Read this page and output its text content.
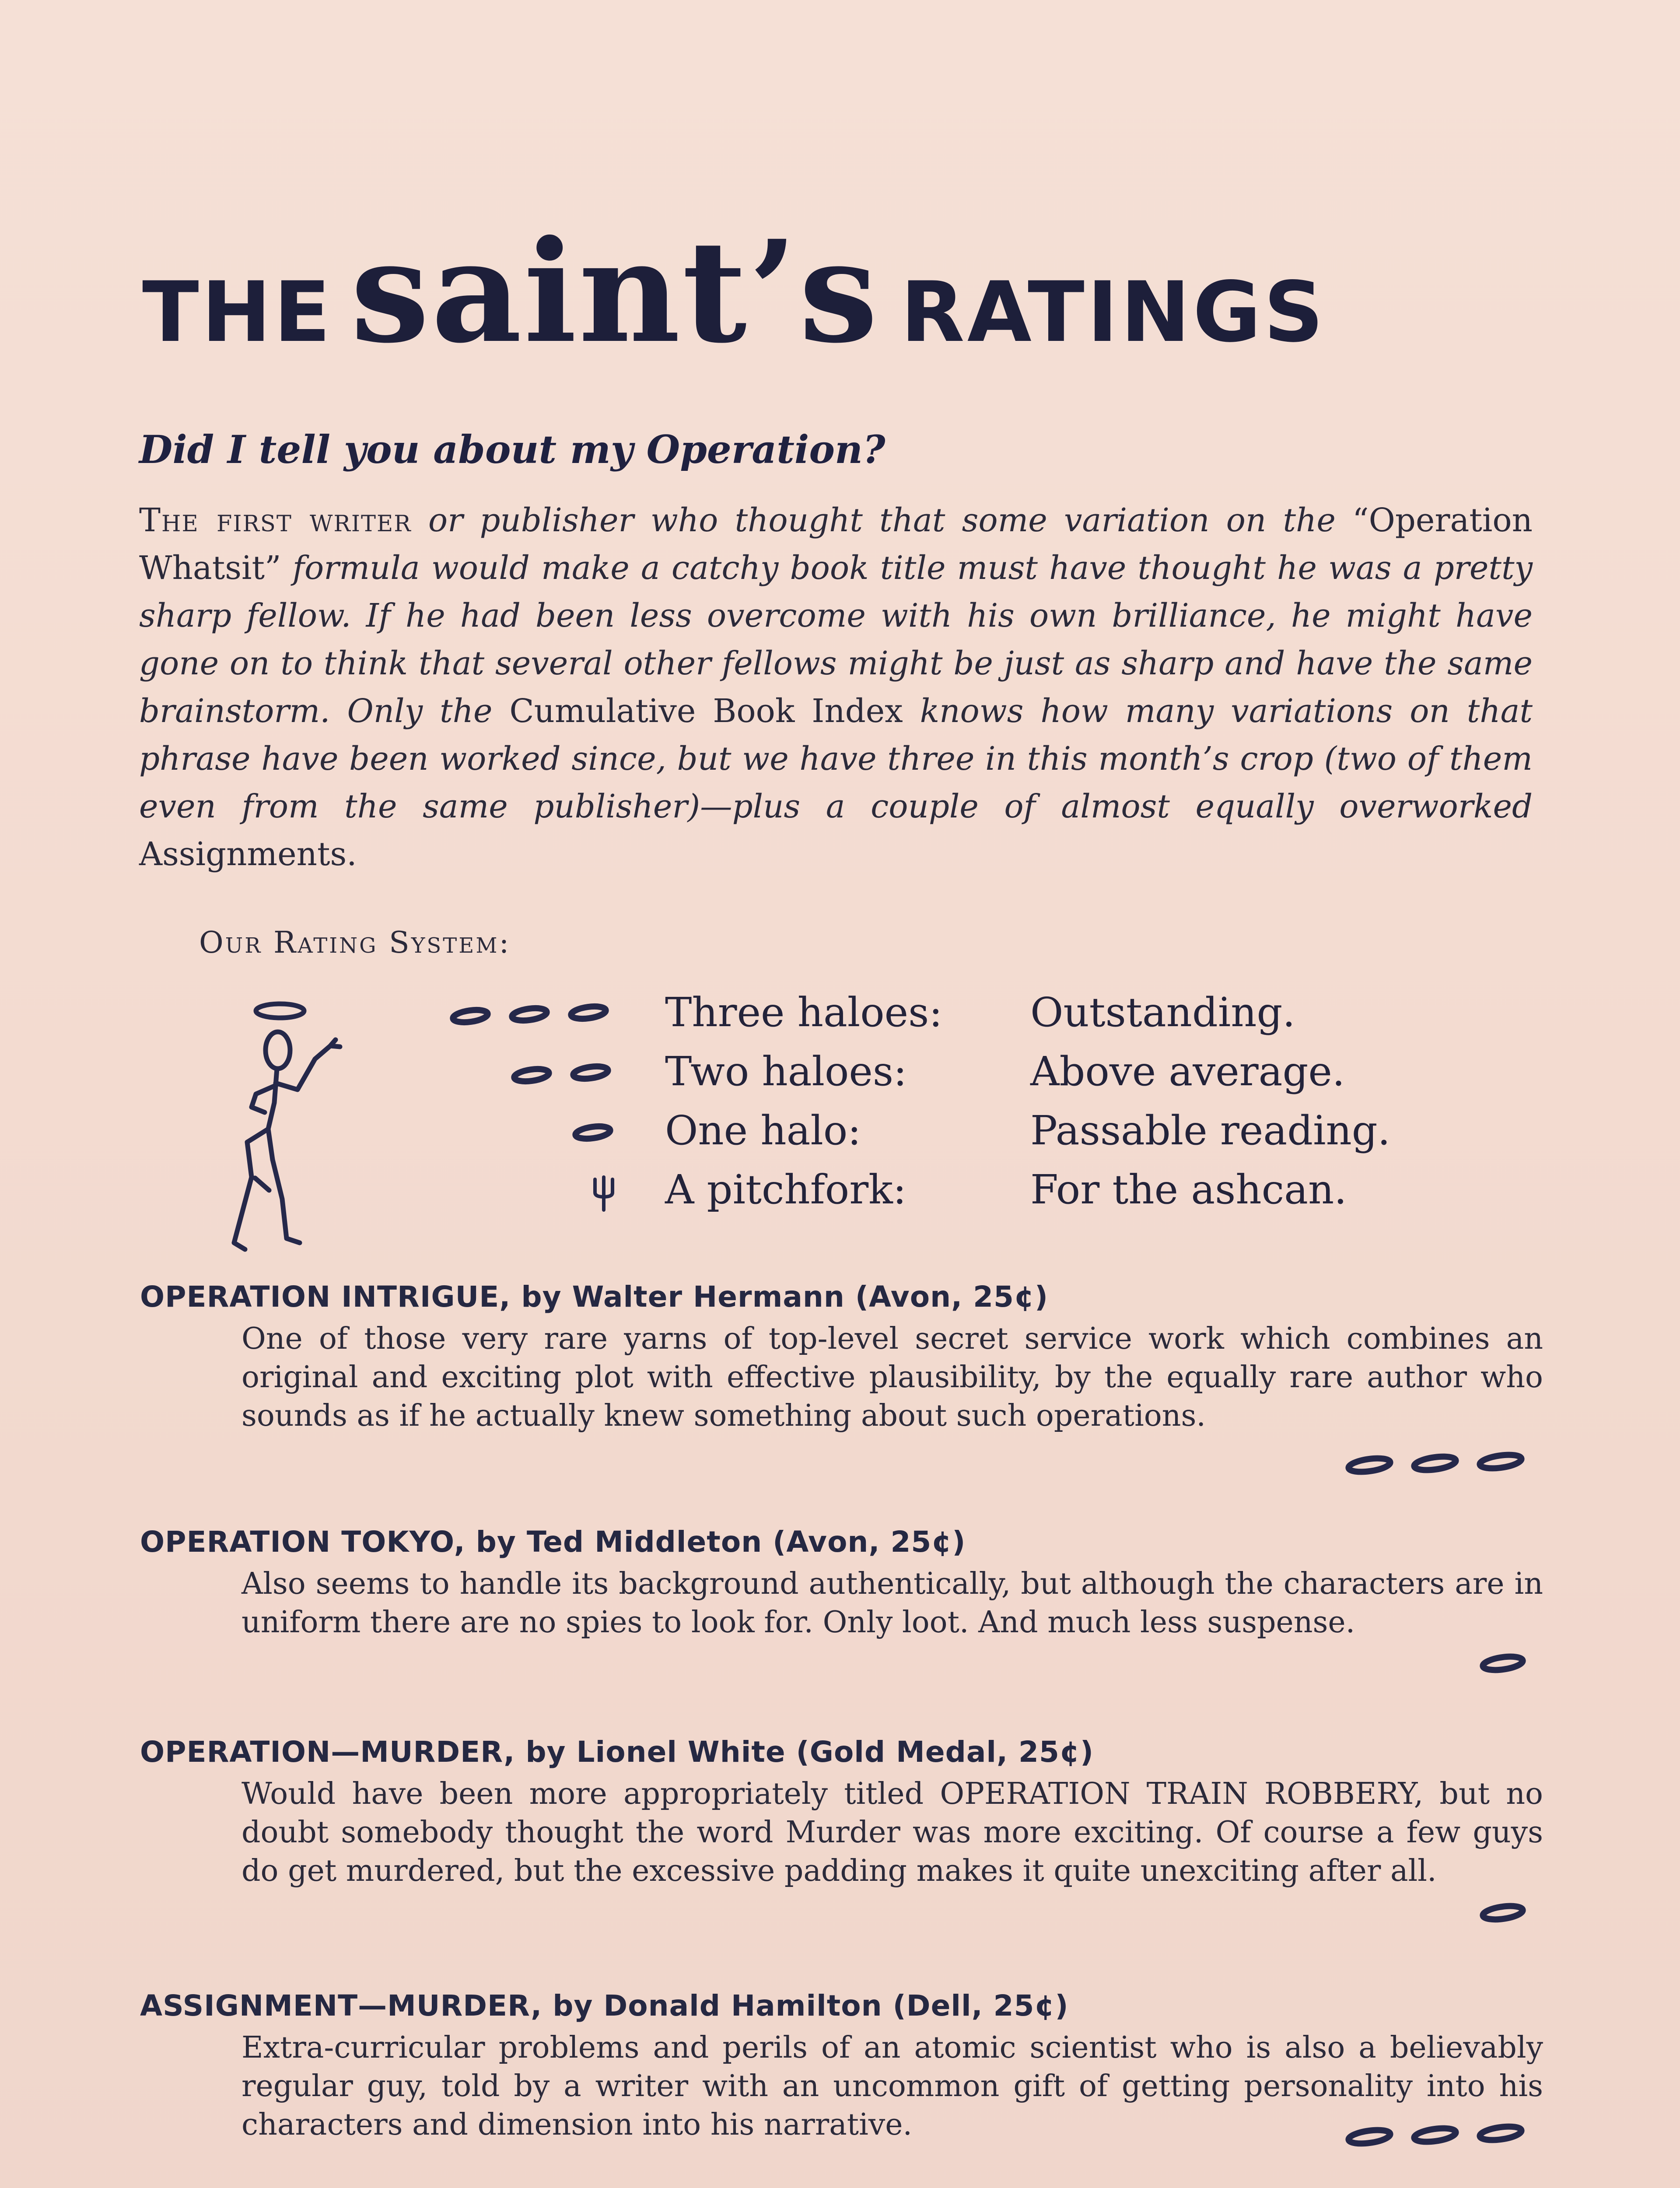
THE saint’s RATINGS
Did I tell you about my Operation?

The first writer or publisher who thought that some variation on the “Operation Whatsit” formula would make a catchy book title must have thought he was a pretty sharp fellow. If he had been less overcome with his own brilliance, he might have gone on to think that several other fellows might be just as sharp and have the same brainstorm. Only the Cumulative Book Index knows how many variations on that phrase have been worked since, but we have three in this month’s crop (two of them even from the same publisher)—plus a couple of almost equally overworked Assignments.

Our Rating System:
Three haloes: Outstanding.
Two haloes:	Above average.
One halo:	Passable reading.
A pitchfork:	For the ashcan.
OPERATION INTRIGUE, by Walter Hermann (Avon, 25¢)

One of those very rare yarns of top-level secret service work which combines an original and exciting plot with effective plausibility, by the equally rare author who sounds as if he actually knew something about such operations.

OPERATION TOKYO, by Ted Middleton (Avon, 25¢)

Also seems to handle its background authentically, but although the characters are in uniform there are no spies to look for. Only loot. And much less suspense.

OPERATION—MURDER, by Lionel White (Gold Medal, 25¢)

Would have been more appropriately titled OPERATION TRAIN ROBBERY, but no doubt somebody thought the word Murder was more exciting. Of course a few guys do get murdered, but the excessive padding makes it quite unexciting after all.

ASSIGNMENT—MURDER, by Donald Hamilton (Dell, 25¢)

Extra-curricular problems and perils of an atomic scientist who is also a believably regular guy, told by a writer with an uncommon gift of getting personality into his characters and dimension into his narrative.
